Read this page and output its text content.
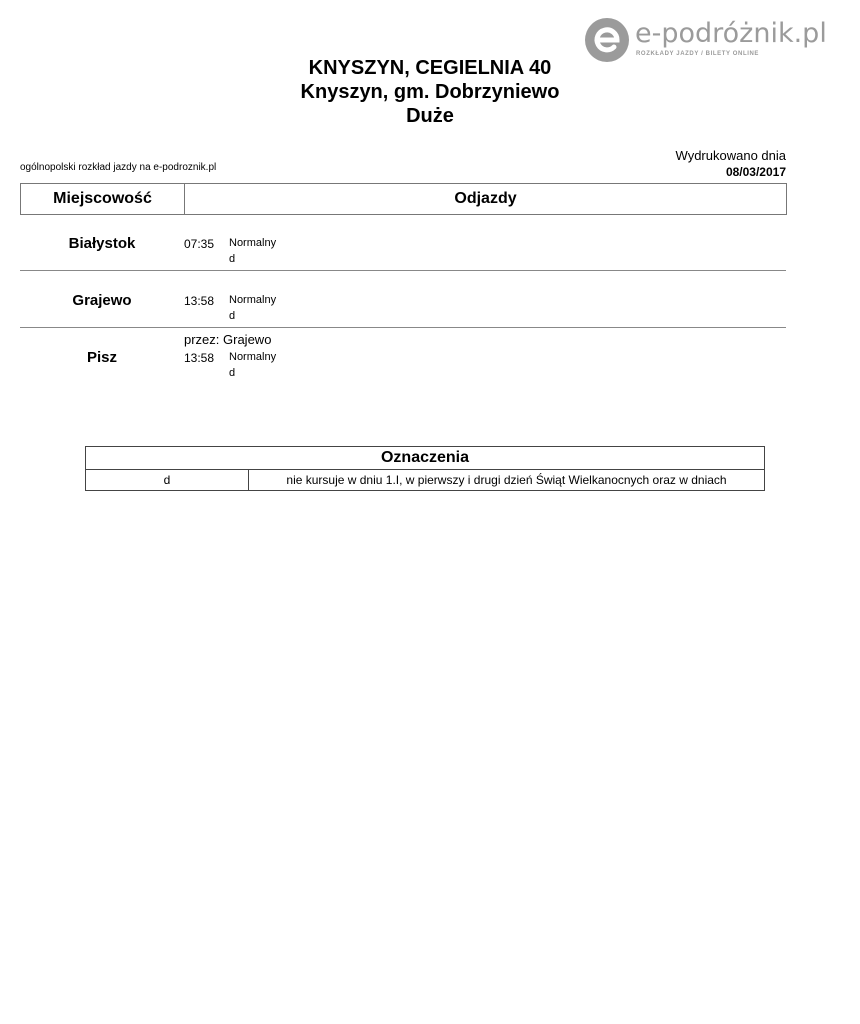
e-podróżnik.pl
ROZKŁADY JAZDY / BILETY ONLINE
KNYSZYN, CEGIELNIA 40
Knyszyn, gm. Dobrzyniewo
Duże
ogólnopolski rozkład jazdy na e-podroznik.pl
Wydrukowano dnia
08/03/2017
Miejscowość	Odjazdy
Białystok	07:35 Normalny
d
Grajewo	13:58 Normalny
d
przez: Grajewo
Pisz	13:58 Normalny
d
Oznaczenia
d	nie kursuje w dniu 1.I, w pierwszy i drugi dzień Świąt Wielkanocnych oraz w dniach
